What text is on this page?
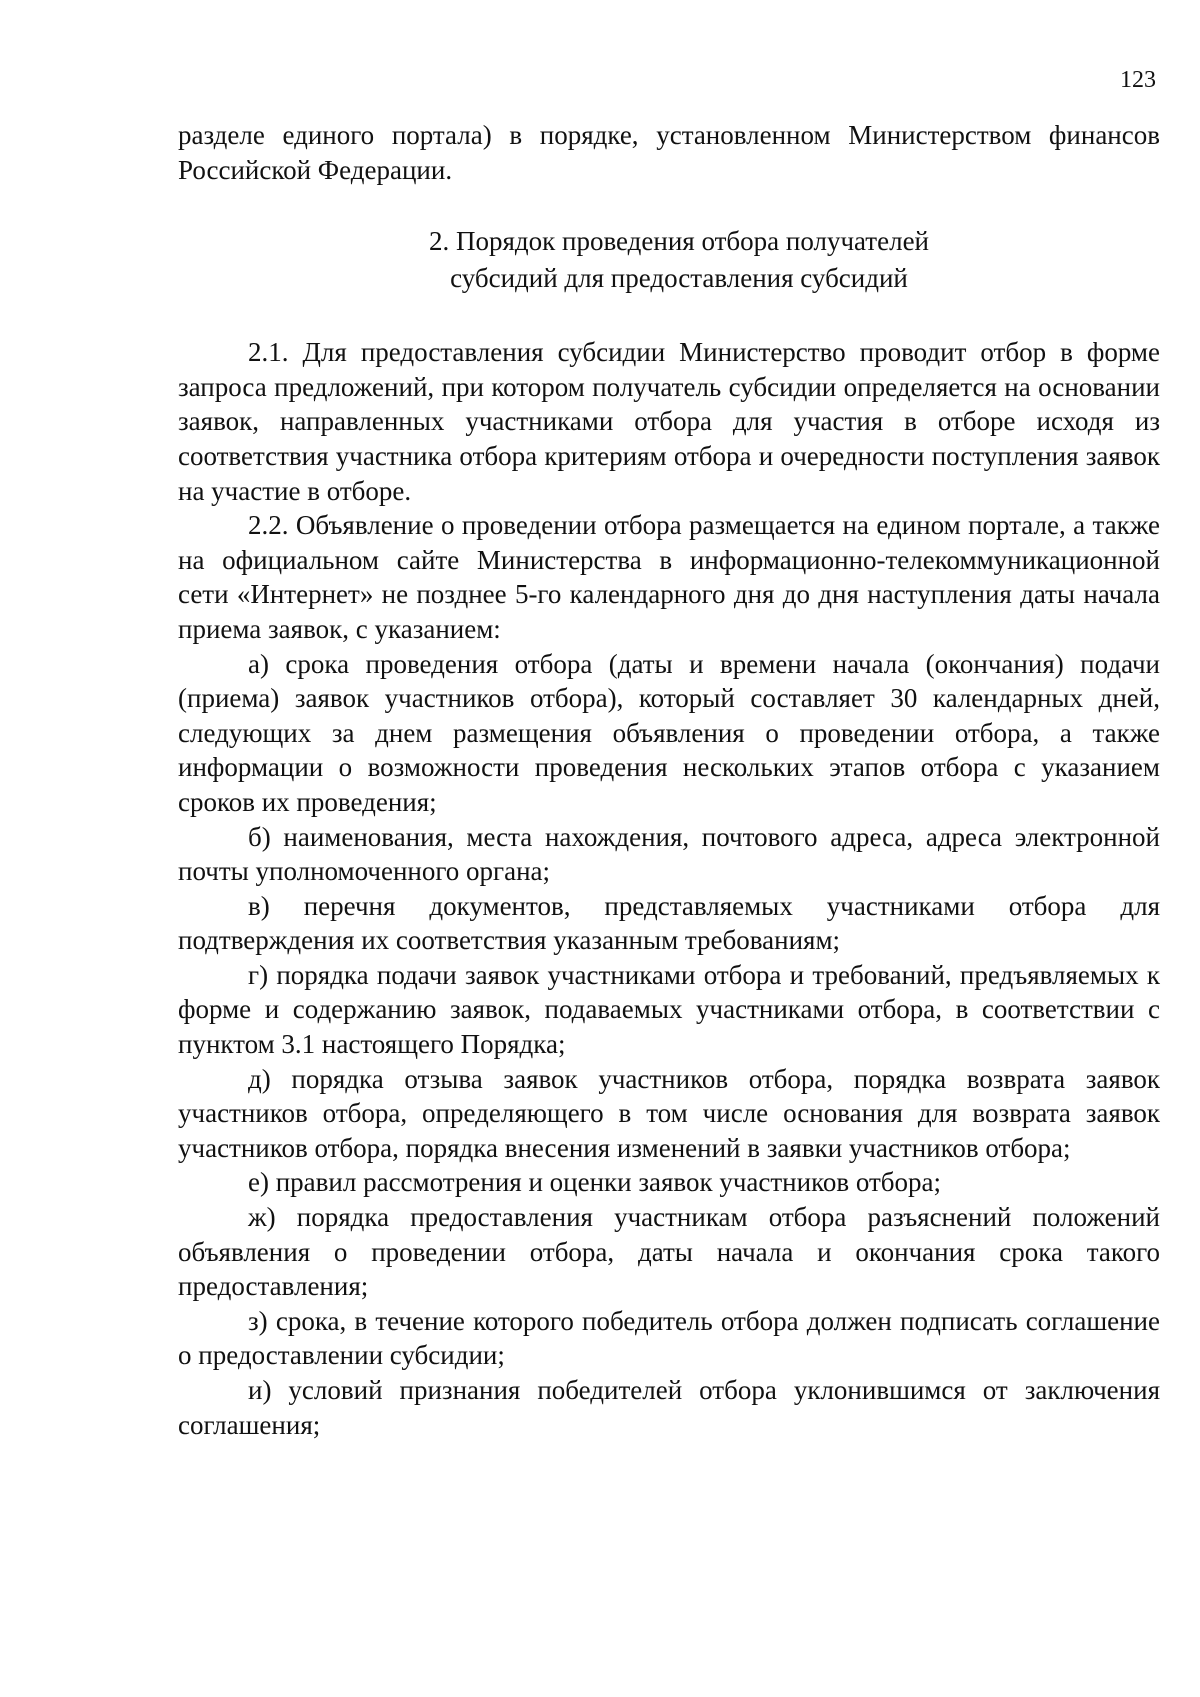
123

разделе единого портала) в порядке, установленном Министерством финансов Российской Федерации.

2. Порядок проведения отбора получателей
субсидий для предоставления субсидий

2.1. Для предоставления субсидии Министерство проводит отбор в форме запроса предложений, при котором получатель субсидии определяется на основании заявок, направленных участниками отбора для участия в отборе исходя из соответствия участника отбора критериям отбора и очередности поступления заявок на участие в отборе.

2.2. Объявление о проведении отбора размещается на едином портале, а также на официальном сайте Министерства в информационно-телекоммуникационной сети «Интернет» не позднее 5-го календарного дня до дня наступления даты начала приема заявок, с указанием:

а) срока проведения отбора (даты и времени начала (окончания) подачи (приема) заявок участников отбора), который составляет 30 календарных дней, следующих за днем размещения объявления о проведении отбора, а также информации о возможности проведения нескольких этапов отбора с указанием сроков их проведения;

б) наименования, места нахождения, почтового адреса, адреса электронной почты уполномоченного органа;

в) перечня документов, представляемых участниками отбора для подтверждения их соответствия указанным требованиям;

г) порядка подачи заявок участниками отбора и требований, предъявляемых к форме и содержанию заявок, подаваемых участниками отбора, в соответствии с пунктом 3.1 настоящего Порядка;

д) порядка отзыва заявок участников отбора, порядка возврата заявок участников отбора, определяющего в том числе основания для возврата заявок участников отбора, порядка внесения изменений в заявки участников отбора;

е) правил рассмотрения и оценки заявок участников отбора;

ж) порядка предоставления участникам отбора разъяснений положений объявления о проведении отбора, даты начала и окончания срока такого предоставления;

з) срока, в течение которого победитель отбора должен подписать соглашение о предоставлении субсидии;

и) условий признания победителей отбора уклонившимся от заключения соглашения;
